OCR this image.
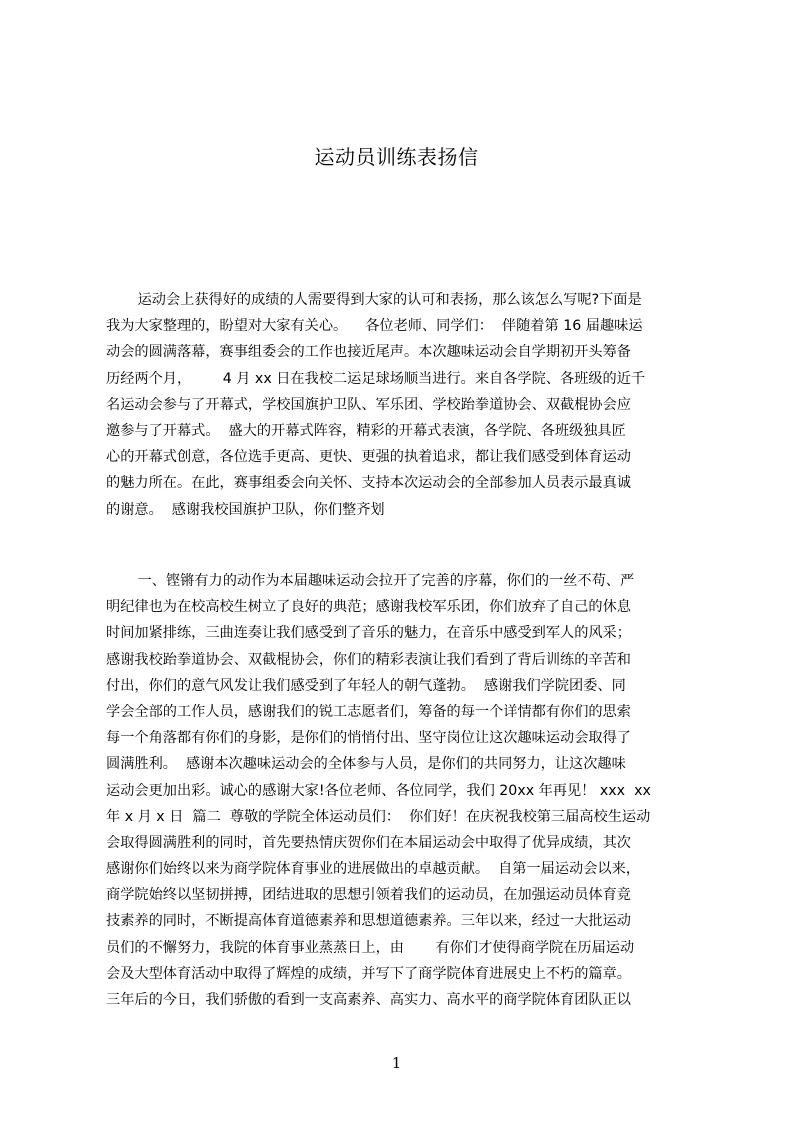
运动员训练表扬信
运动会上获得好的成绩的人需要得到大家的认可和表扬，那么该怎么写呢?下面是
我为大家整理的，盼望对大家有关心。    各位老师、同学们：  伴随着第 16 届趣味运
动会的圆满落幕，赛事组委会的工作也接近尾声。本次趣味运动会自学期初开头筹备
历经两个月，       4 月 xx 日在我校二运足球场顺当进行。来自各学院、各班级的近千
名运动会参与了开幕式，学校国旗护卫队、军乐团、学校跆拳道协会、双截棍协会应
邀参与了开幕式。  盛大的开幕式阵容，精彩的开幕式表演，各学院、各班级独具匠
心的开幕式创意，各位选手更高、更快、更强的执着追求，都让我们感受到体育运动
的魅力所在。在此，赛事组委会向关怀、支持本次运动会的全部参加人员表示最真诚
的谢意。  感谢我校国旗护卫队，你们整齐划
一、铿锵有力的动作为本届趣味运动会拉开了完善的序幕，你们的一丝不苟、严
明纪律也为在校高校生树立了良好的典范；感谢我校军乐团，你们放弃了自己的休息
时间加紧排练，三曲连奏让我们感受到了音乐的魅力，在音乐中感受到军人的风采；
感谢我校跆拳道协会、双截棍协会，你们的精彩表演让我们看到了背后训练的辛苦和
付出，你们的意气风发让我们感受到了年轻人的朝气蓬勃。  感谢我们学院团委、同
学会全部的工作人员，感谢我们的锐工志愿者们，筹备的每一个详情都有你们的思索
每一个角落都有你们的身影，是你们的悄悄付出、坚守岗位让这次趣味运动会取得了
圆满胜利。  感谢本次趣味运动会的全体参与人员，是你们的共同努力，让这次趣味
运动会更加出彩。诚心的感谢大家!各位老师、各位同学，我们 20xx 年再见！ xxx  xx
年 x 月 x 日  篇二  尊敬的学院全体运动员们：  你们好！在庆祝我校第三届高校生运动
会取得圆满胜利的同时，首先要热情庆贺你们在本届运动会中取得了优异成绩，其次
感谢你们始终以来为商学院体育事业的进展做出的卓越贡献。  自第一届运动会以来，
商学院始终以坚韧拼搏，团结进取的思想引领着我们的运动员，在加强运动员体育竞
技素养的同时，不断提高体育道德素养和思想道德素养。三年以来，经过一大批运动
员们的不懈努力，我院的体育事业蒸蒸日上，由       有你们才使得商学院在历届运动
会及大型体育活动中取得了辉煌的成绩，并写下了商学院体育进展史上不朽的篇章。
三年后的今日，我们骄傲的看到一支高素养、高实力、高水平的商学院体育团队正以
1
